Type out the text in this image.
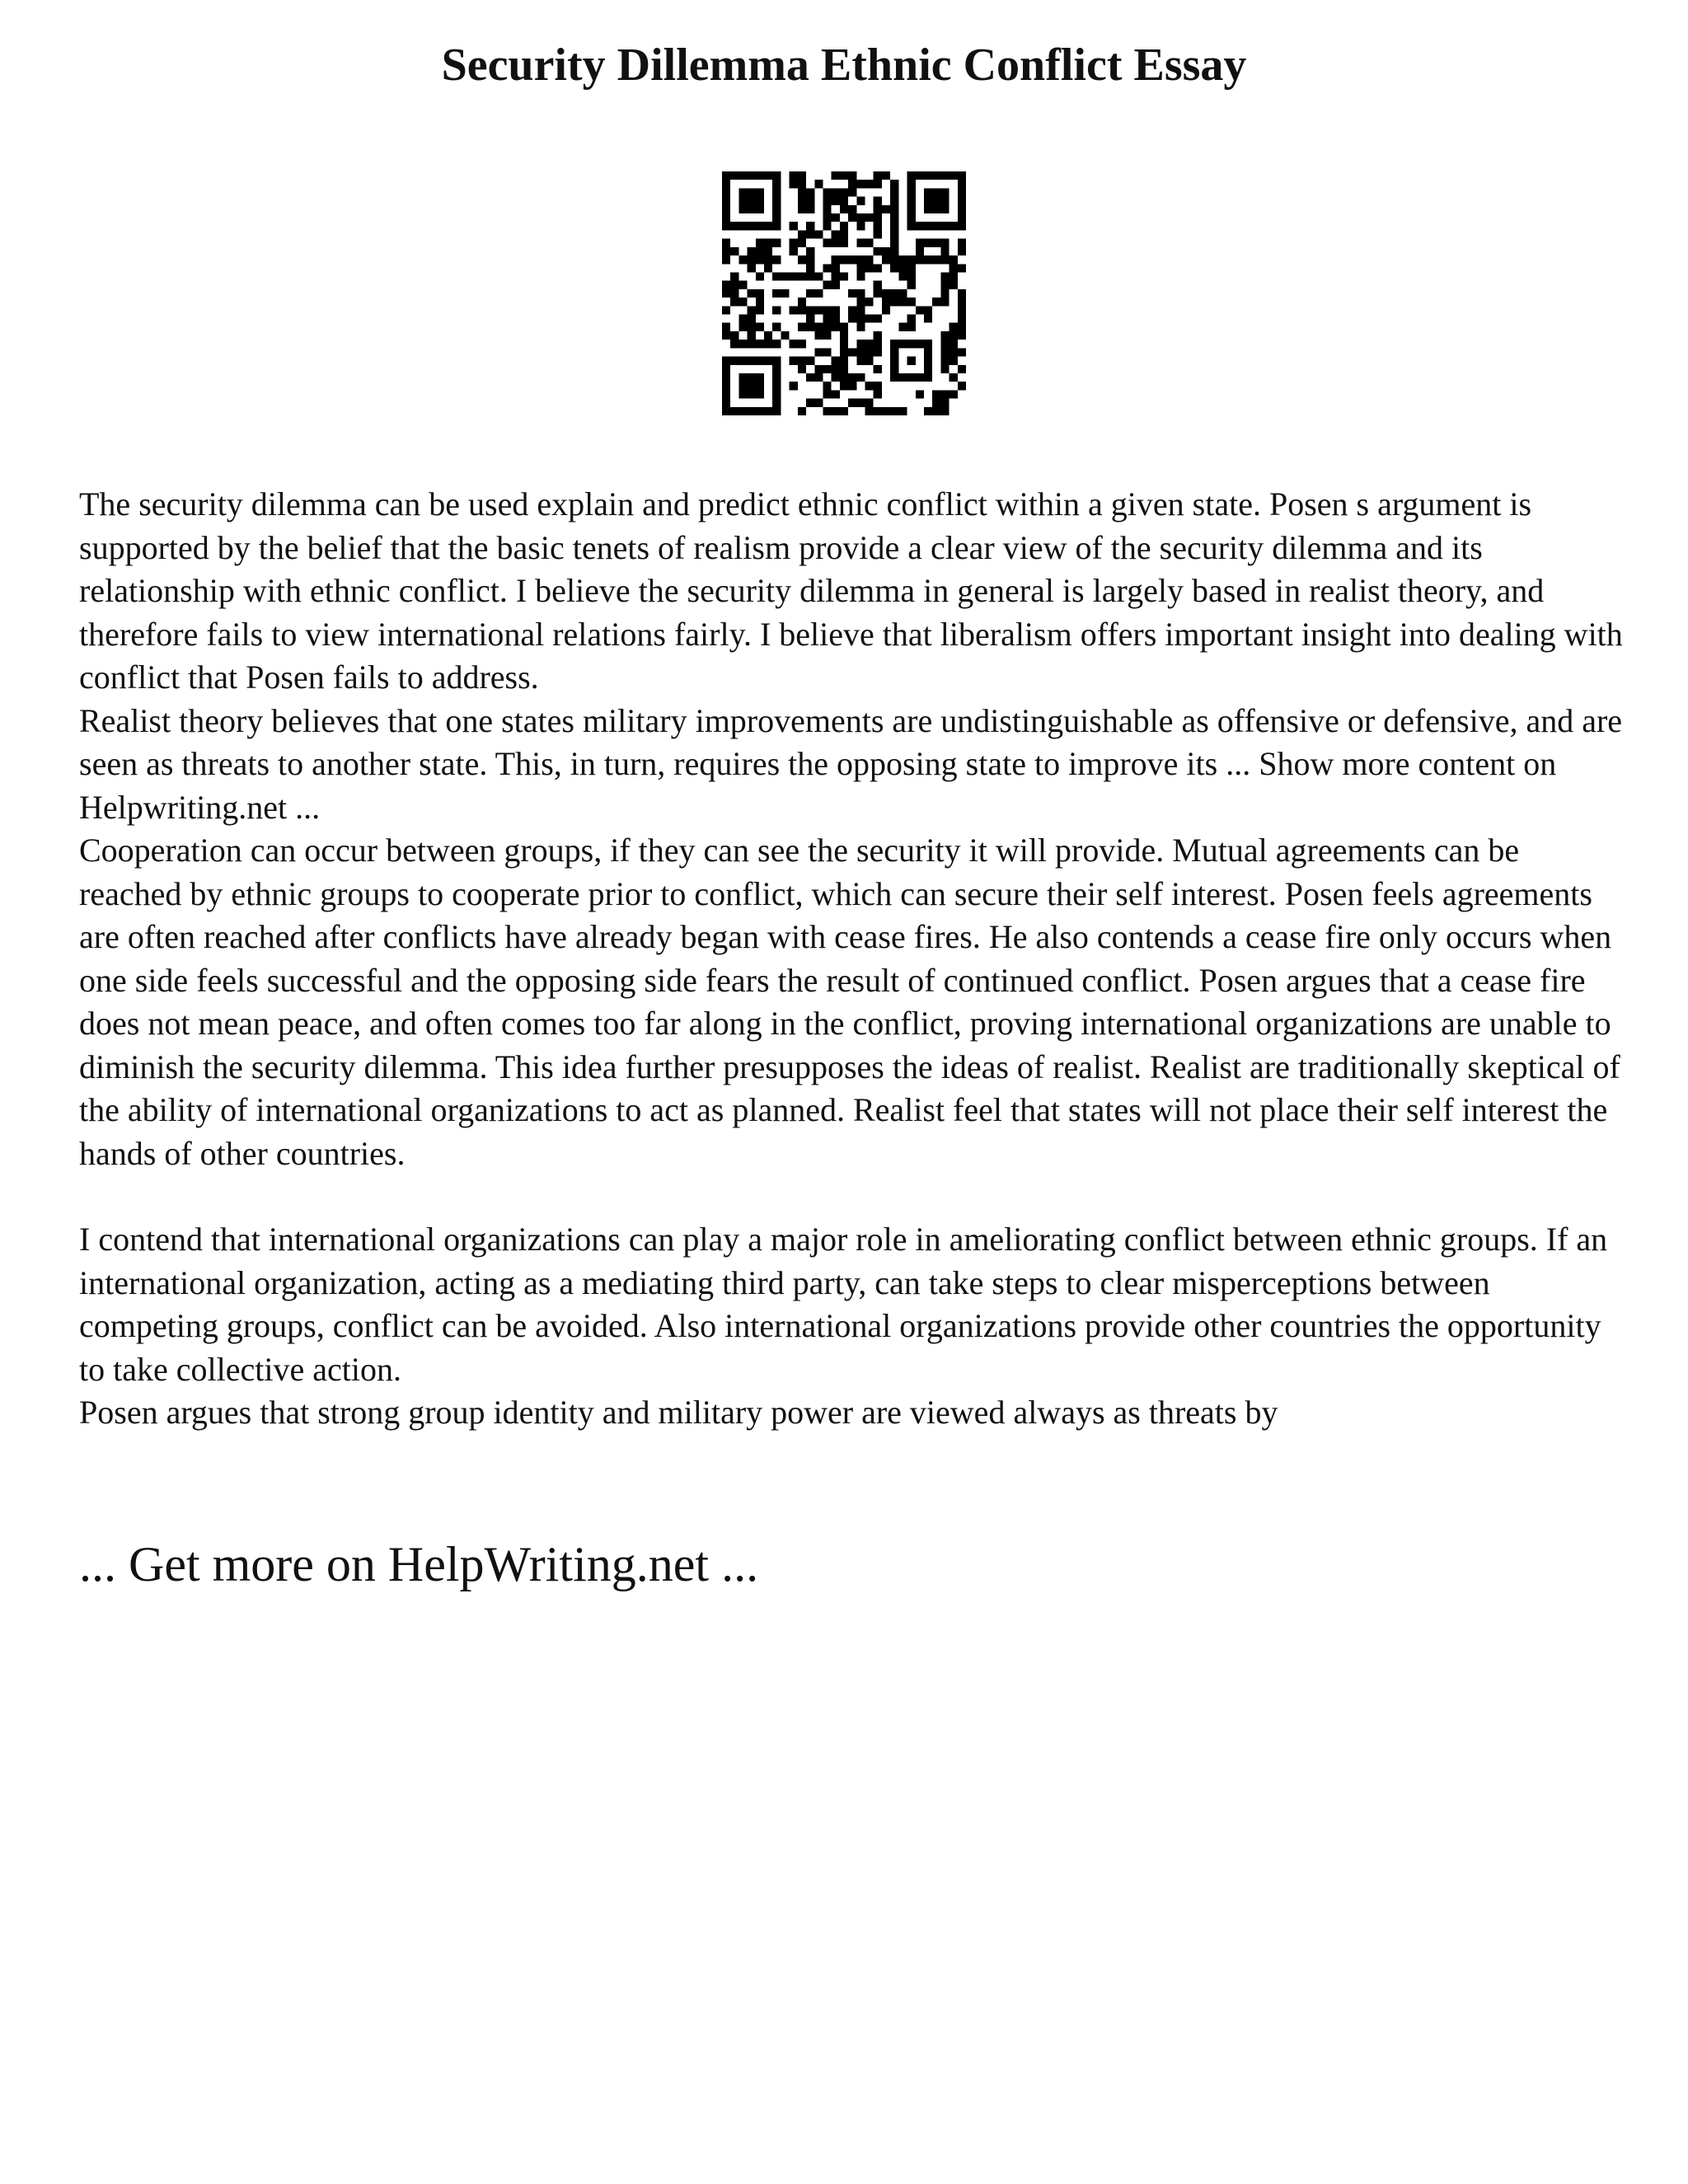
Security Dillemma Ethnic Conflict Essay

The security dilemma can be used explain and predict ethnic conflict within a given state. Posen s argument is supported by the belief that the basic tenets of realism provide a clear view of the security dilemma and its relationship with ethnic conflict. I believe the security dilemma in general is largely based in realist theory, and therefore fails to view international relations fairly. I believe that liberalism offers important insight into dealing with conflict that Posen fails to address.

Realist theory believes that one states military improvements are undistinguishable as offensive or defensive, and are seen as threats to another state. This, in turn, requires the opposing state to improve its ... Show more content on Helpwriting.net ...

Cooperation can occur between groups, if they can see the security it will provide. Mutual agreements can be reached by ethnic groups to cooperate prior to conflict, which can secure their self interest. Posen feels agreements are often reached after conflicts have already began with cease fires. He also contends a cease fire only occurs when one side feels successful and the opposing side fears the result of continued conflict. Posen argues that a cease fire does not mean peace, and often comes too far along in the conflict, proving international organizations are unable to diminish the security dilemma. This idea further presupposes the ideas of realist. Realist are traditionally skeptical of the ability of international organizations to act as planned. Realist feel that states will not place their self interest the hands of other countries.

I contend that international organizations can play a major role in ameliorating conflict between ethnic groups. If an international organization, acting as a mediating third party, can take steps to clear misperceptions between competing groups, conflict can be avoided. Also international organizations provide other countries the opportunity to take collective action.

Posen argues that strong group identity and military power are viewed always as threats by

... Get more on HelpWriting.net ...
